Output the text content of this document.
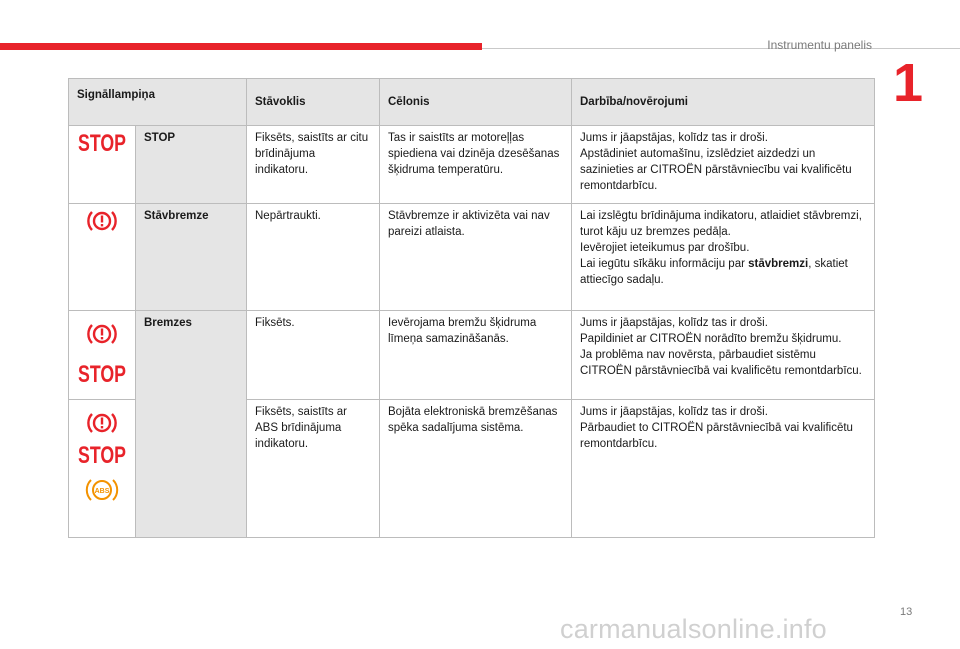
Instrumentu panelis
1
Signāllampiņa		Stāvoklis	Cēlonis	Darbība/novērojumi

STOP	STOP	Fiksēts, saistīts ar citu brīdinājuma indikatoru.	Tas ir saistīts ar motoreļļas spiediena vai dzinēja dzesēšanas šķidruma temperatūru.	Jums ir jāapstājas, kolīdz tas ir droši.
Apstādiniet automašīnu, izslēdziet aizdedzi un sazinieties ar CITROËN pārstāvniecību vai kvalificētu remontdarbīcu.

	Stāvbremze	Nepārtraukti.	Stāvbremze ir aktivizēta vai nav pareizi atlaista.	Lai izslēgtu brīdinājuma indikatoru, atlaidiet stāvbremzi, turot kāju uz bremzes pedāļa.
Ievērojiet ieteikumus par drošību.
Lai iegūtu sīkāku informāciju par stāvbremzi, skatiet attiecīgo sadaļu.

STOP	Bremzes	Fiksēts.	Ievērojama bremžu šķidruma līmeņa samazināšanās.	Jums ir jāapstājas, kolīdz tas ir droši.
Papildiniet ar CITROËN norādīto bremžu šķidrumu.
Ja problēma nav novērsta, pārbaudiet sistēmu CITROËN pārstāvniecībā vai kvalificētu remontdarbīcu.

STOP
ABS		Fiksēts, saistīts ar ABS brīdinājuma indikatoru.	Bojāta elektroniskā bremzēšanas spēka sadalījuma sistēma.	Jums ir jāapstājas, kolīdz tas ir droši.
Pārbaudiet to CITROËN pārstāvniecībā vai kvalificētu remontdarbīcu.
13
carmanualsonline.info
